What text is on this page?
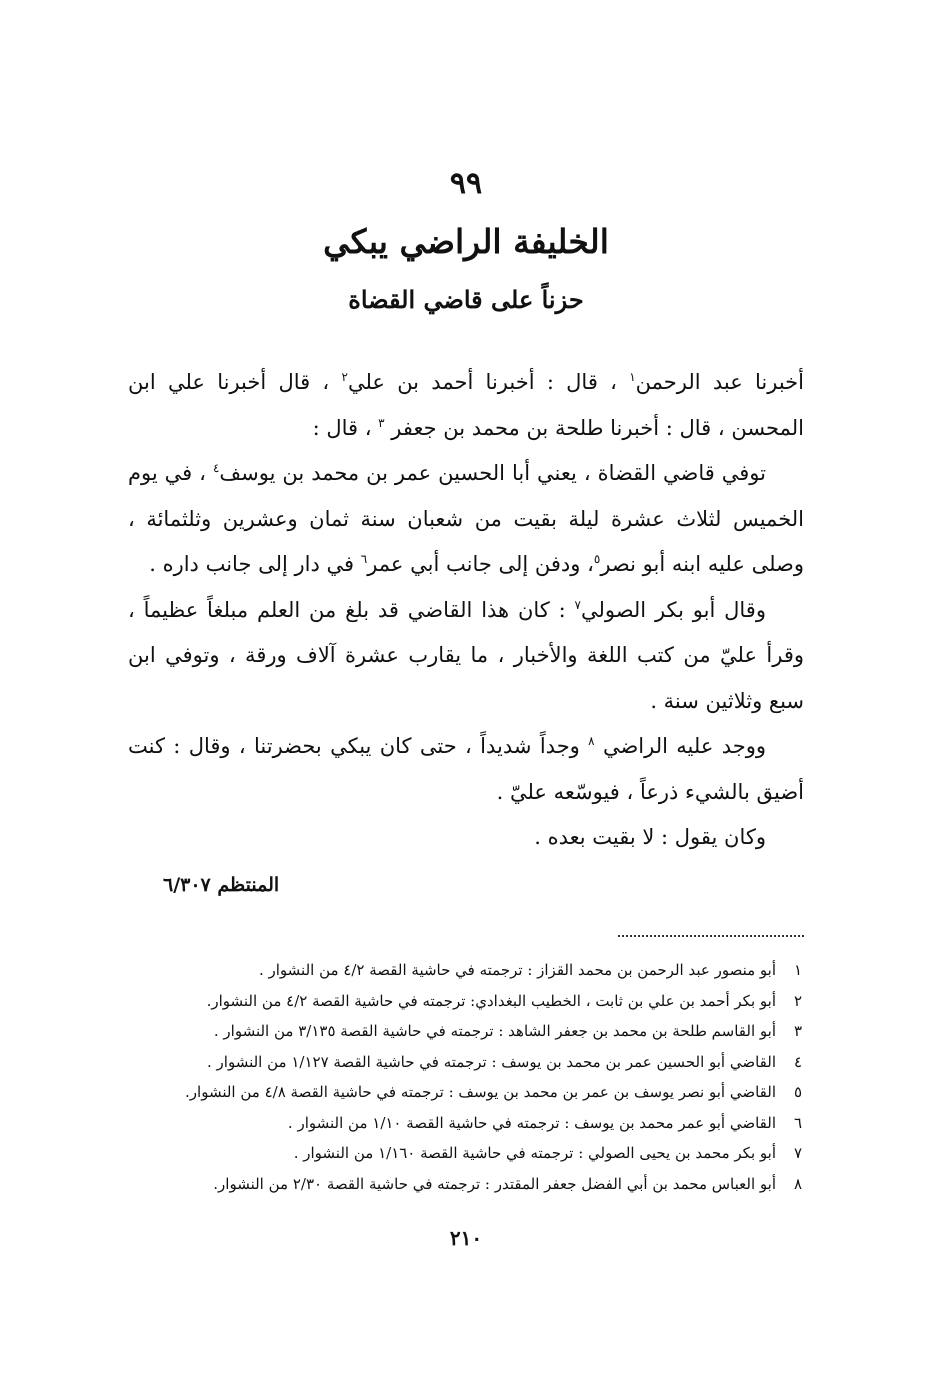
٩٩
الخليفة الراضي يبكي
حزناً على قاضي القضاة

أخبرنا عبد الرحمن$^١$ ، قال : أخبرنا أحمد بن علي$^٢$ ، قال أخبرنا علي ابن المحسن ، قال : أخبرنا طلحة بن محمد بن جعفر $^٣$ ، قال :

توفي قاضي القضاة ، يعني أبا الحسين عمر بن محمد بن يوسف$^٤$ ، في يوم الخميس لثلاث عشرة ليلة بقيت من شعبان سنة ثمان وعشرين وثلثمائة ، وصلى عليه ابنه أبو نصر$^٥$، ودفن إلى جانب أبي عمر$^٦$ في دار إلى جانب داره .

وقال أبو بكر الصولي$^٧$ : كان هذا القاضي قد بلغ من العلم مبلغاً عظيماً ، وقرأ عليّ من كتب اللغة والأخبار ، ما يقارب عشرة آلاف ورقة ، وتوفي ابن سبع وثلاثين سنة .

ووجد عليه الراضي $^٨$ وجداً شديداً ، حتى كان يبكي بحضرتنا ، وقال : كنت أضيق بالشيء ذرعاً ، فيوسّعه عليّ .

وكان يقول : لا بقيت بعده .

المنتظم ٦/٣٠٧
١أبو منصور عبد الرحمن بن محمد القزاز : ترجمته في حاشية القصة ٤/٢ من النشوار .
٢أبو بكر أحمد بن علي بن ثابت ، الخطيب البغدادي: ترجمته في حاشية القصة ٤/٢ من النشوار.
٣أبو القاسم طلحة بن محمد بن جعفر الشاهد : ترجمته في حاشية القصة ٣/١٣٥ من النشوار .
٤القاضي أبو الحسين عمر بن محمد بن يوسف : ترجمته في حاشية القصة ١/١٢٧ من النشوار .
٥القاضي أبو نصر يوسف بن عمر بن محمد بن يوسف : ترجمته في حاشية القصة ٤/٨ من النشوار.
٦القاضي أبو عمر محمد بن يوسف : ترجمته في حاشية القصة ١/١٠ من النشوار .
٧أبو بكر محمد بن يحيى الصولي : ترجمته في حاشية القصة ١/١٦٠ من النشوار .
٨أبو العباس محمد بن أبي الفضل جعفر المقتدر : ترجمته في حاشية القصة ٢/٣٠ من النشوار.
٢١٠
